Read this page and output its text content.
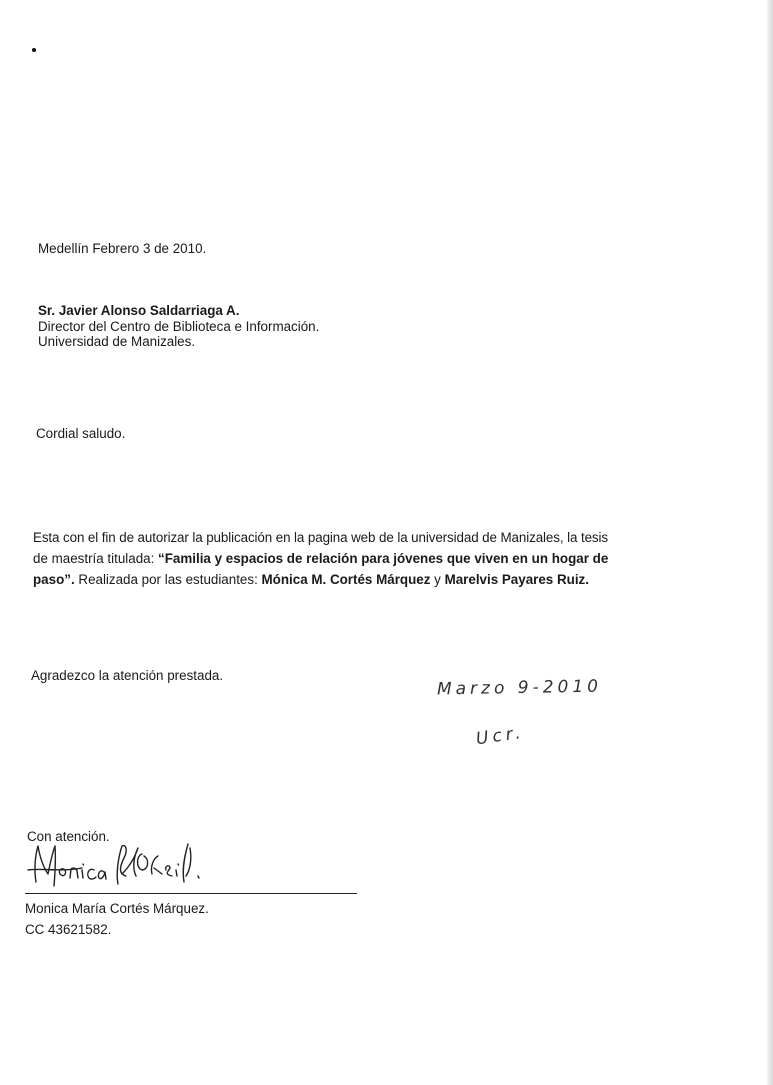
Medellín Febrero 3 de 2010.
Sr. Javier Alonso Saldarriaga A.
Director del Centro de Biblioteca e Información.
Universidad de Manizales.
Cordial saludo.
Esta con el fin de autorizar la publicación en la pagina web de la universidad de Manizales, la tesis
de maestría titulada: “Familia y espacios de relación para jóvenes que viven en un hogar de
paso”. Realizada por las estudiantes: Mónica M. Cortés Márquez y Marelvis Payares Ruiz.
Agradezco la atención prestada.
Marzo 9-2010
Ucr.
Con atención.
Monica María Cortés Márquez.
CC 43621582.
